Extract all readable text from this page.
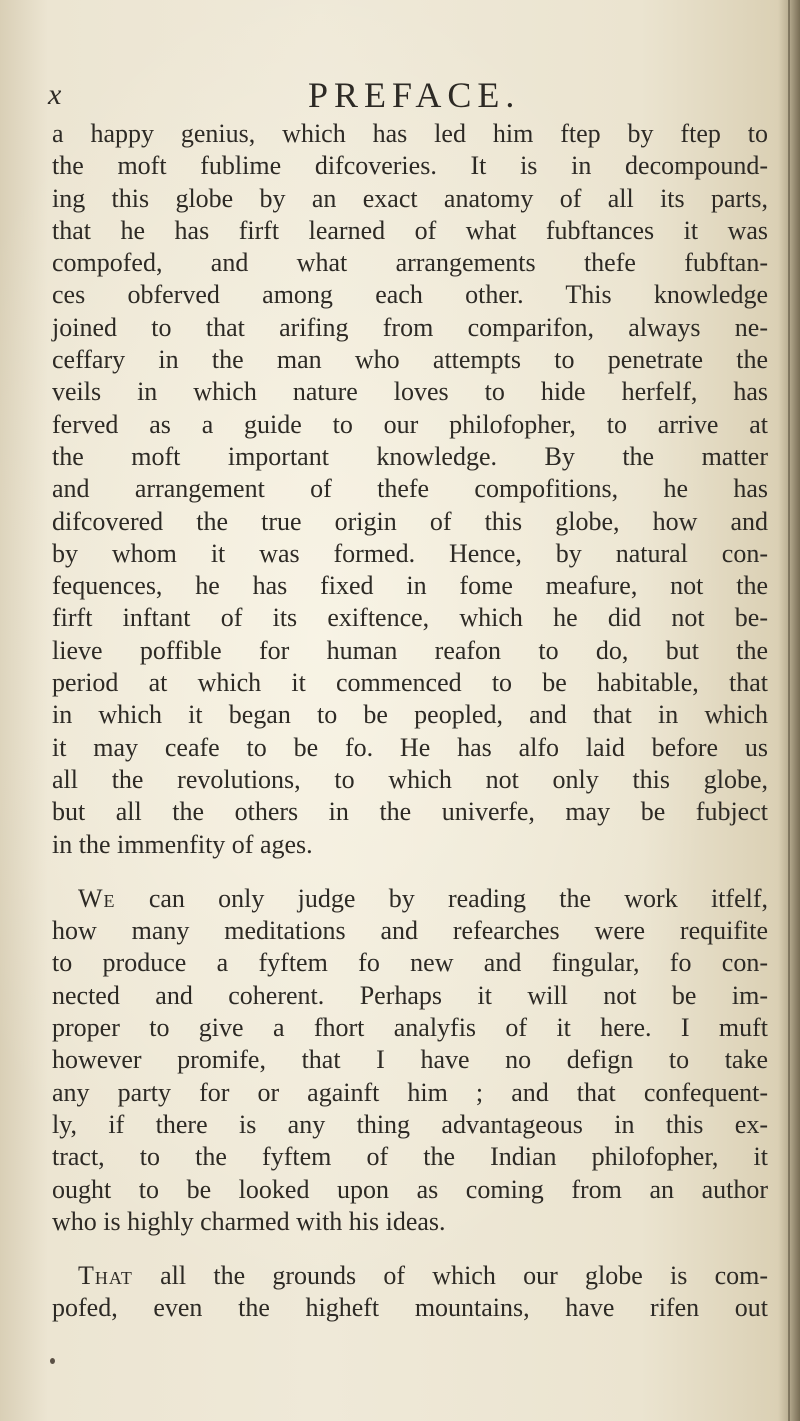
x	PREFACE.

a happy genius, which has led him ftep by ftep to
the moft fublime difcoveries. It is in decompound-
ing this globe by an exact anatomy of all its parts,
that he has firft learned of what fubftances it was
compofed, and what arrangements thefe fubftan-
ces obferved among each other. This knowledge
joined to that arifing from comparifon, always ne-
ceffary in the man who attempts to penetrate the
veils in which nature loves to hide herfelf, has
ferved as a guide to our philofopher, to arrive at
the moft important knowledge. By the matter
and arrangement of thefe compofitions, he has
difcovered the true origin of this globe, how and
by whom it was formed. Hence, by natural con-
fequences, he has fixed in fome meafure, not the
firft inftant of its exiftence, which he did not be-
lieve poffible for human reafon to do, but the
period at which it commenced to be habitable, that
in which it began to be peopled, and that in which
it may ceafe to be fo. He has alfo laid before us
all the revolutions, to which not only this globe,
but all the others in the univerfe, may be fubject
in the immenfity of ages.

We can only judge by reading the work itfelf,
how many meditations and refearches were requifite
to produce a fyftem fo new and fingular, fo con-
nected and coherent. Perhaps it will not be im-
proper to give a fhort analyfis of it here. I muft
however promife, that I have no defign to take
any party for or againft him ; and that confequent-
ly, if there is any thing advantageous in this ex-
tract, to the fyftem of the Indian philofopher, it
ought to be looked upon as coming from an author
who is highly charmed with his ideas.

That all the grounds of which our globe is com-
pofed, even the higheft mountains, have rifen out
